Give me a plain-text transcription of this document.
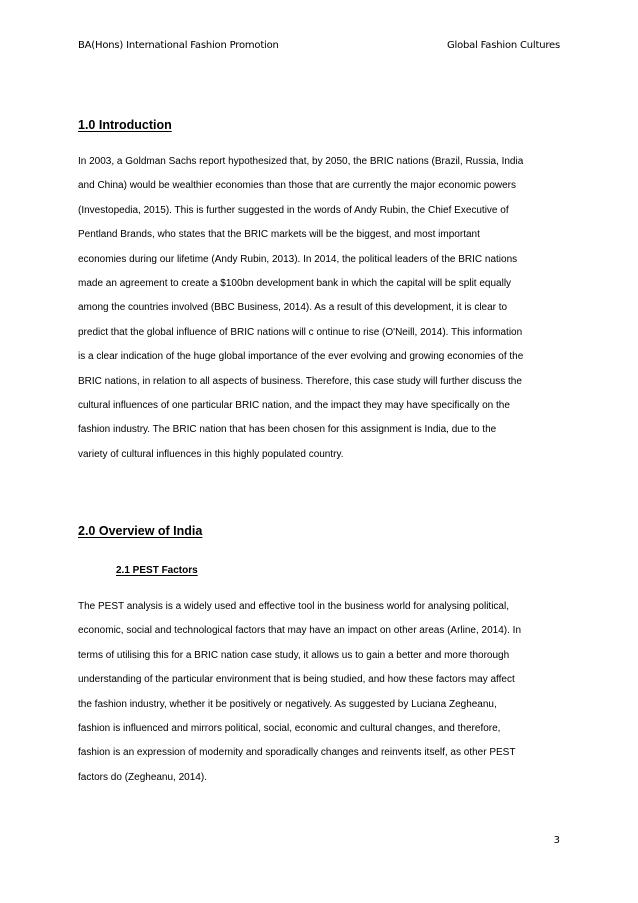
BA(Hons) International Fashion Promotion	Global Fashion Cultures
1.0 Introduction
In 2003, a Goldman Sachs report hypothesized that, by 2050, the BRIC nations (Brazil, Russia, India
and China) would be wealthier economies than those that are currently the major economic powers
(Investopedia, 2015). This is further suggested in the words of Andy Rubin, the Chief Executive of
Pentland Brands, who states that the BRIC markets will be the biggest, and most important
economies during our lifetime (Andy Rubin, 2013). In 2014, the political leaders of the BRIC nations
made an agreement to create a $100bn development bank in which the capital will be split equally
among the countries involved (BBC Business, 2014). As a result of this development, it is clear to
predict that the global influence of BRIC nations will c ontinue to rise (O'Neill, 2014). This information
is a clear indication of the huge global importance of the ever evolving and growing economies of the
BRIC nations, in relation to all aspects of business. Therefore, this case study will further discuss the
cultural influences of one particular BRIC nation, and the impact they may have specifically on the
fashion industry. The BRIC nation that has been chosen for this assignment is India, due to the
variety of cultural influences in this highly populated country.
2.0 Overview of India
2.1 PEST Factors
The PEST analysis is a widely used and effective tool in the business world for analysing political,
economic, social and technological factors that may have an impact on other areas (Arline, 2014). In
terms of utilising this for a BRIC nation case study, it allows us to gain a better and more thorough
understanding of the particular environment that is being studied, and how these factors may affect
the fashion industry, whether it be positively or negatively. As suggested by Luciana Zegheanu,
fashion is influenced and mirrors political, social, economic and cultural changes, and therefore,
fashion is an expression of modernity and sporadically changes and reinvents itself, as other PEST
factors do (Zegheanu, 2014).
3
